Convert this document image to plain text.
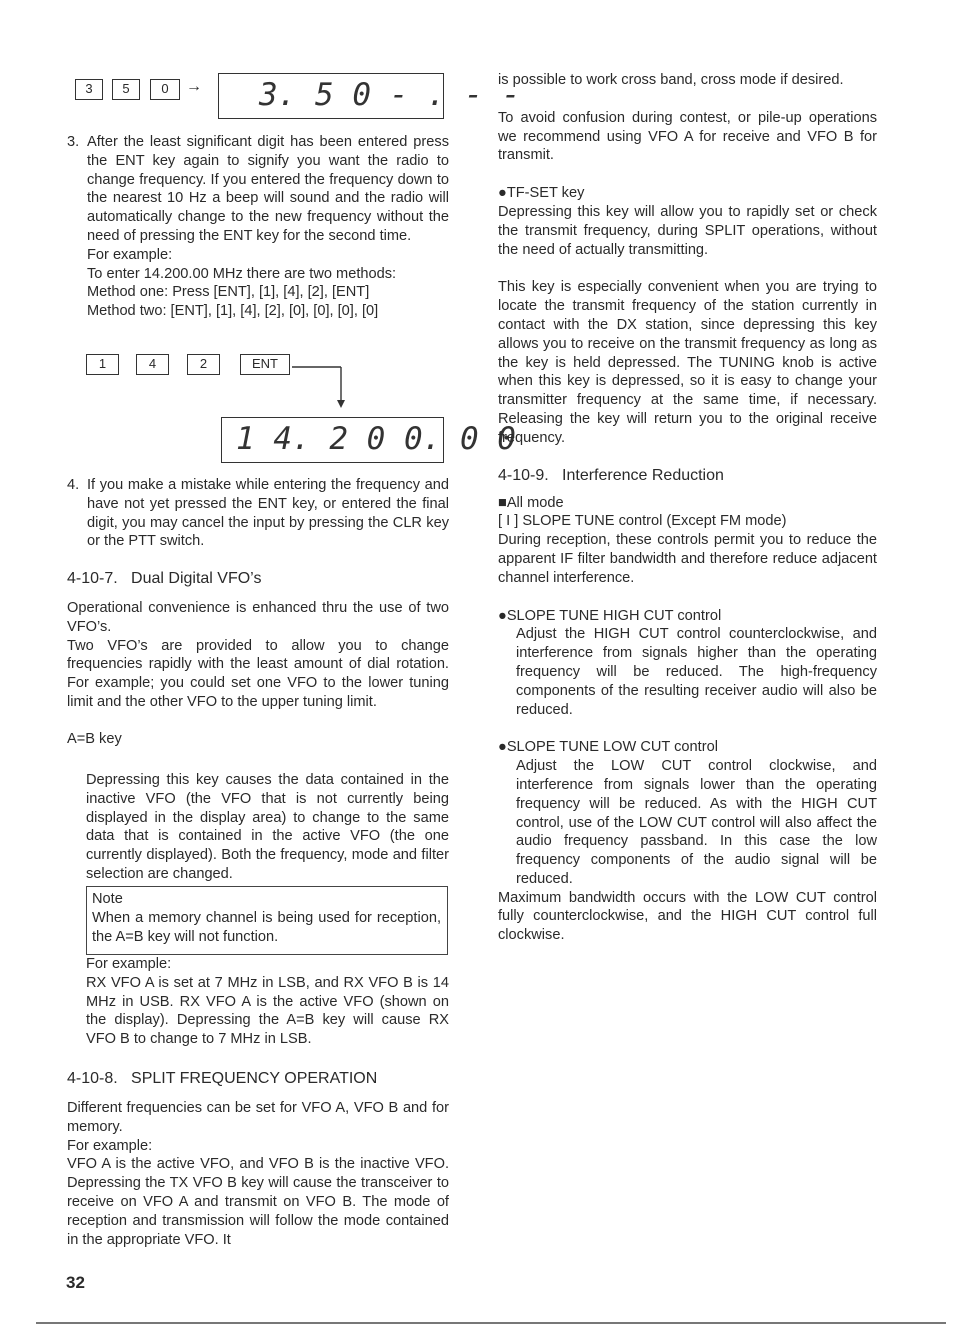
3	5	0	→	3. 5 0 - . - -
3. After the least significant digit has been entered press the ENT key again to signify you want the radio to change frequency. If you entered the frequency down to the nearest 10 Hz a beep will sound and the radio will automatically change to the new frequency without the need of pressing the ENT key for the second time.

For example:

To enter 14.200.00 MHz there are two methods:

Method one: Press [ENT], [1], [4], [2], [ENT]

Method two: [ENT], [1], [4], [2], [0], [0], [0], [0]

1	4	2	ENT
1 4. 2 0 0. 0 0
4. If you make a mistake while entering the frequency and have not yet pressed the ENT key, or entered the final digit, you may cancel the input by pressing the CLR key or the PTT switch.

4-10-7.   Dual Digital VFO’s

Operational convenience is enhanced thru the use of two VFO’s.

Two VFO’s are provided to allow you to change frequencies rapidly with the least amount of dial rotation. For example; you could set one VFO to the lower tuning limit and the other VFO to the upper tuning limit.

A=B key

Depressing this key causes the data contained in the inactive VFO (the VFO that is not currently being displayed in the display area) to change to the same data that is contained in the active VFO (the one currently displayed). Both the frequency, mode and filter selection are changed.

Note

When a memory channel is being used for reception, the A=B key will not function.

For example:

RX VFO A is set at 7 MHz in LSB, and RX VFO B is 14 MHz in USB. RX VFO A is the active VFO (shown on the display). Depressing the A=B key will cause RX VFO B to change to 7 MHz in LSB.

4-10-8.   SPLIT FREQUENCY OPERATION

Different frequencies can be set for VFO A, VFO B and for memory.

For example:

VFO A is the active VFO, and VFO B is the inactive VFO. Depressing the TX VFO B key will cause the transceiver to receive on VFO A and transmit on VFO B. The mode of reception and transmission will follow the mode contained in the appropriate VFO. It

32

is possible to work cross band, cross mode if desired.

To avoid confusion during contest, or pile-up operations we recommend using VFO A for receive and VFO B for transmit.

●TF-SET key

Depressing this key will allow you to rapidly set or check the transmit frequency, during SPLIT operations, without the need of actually transmitting.

This key is especially convenient when you are trying to locate the transmit frequency of the station currently in contact with the DX station, since depressing this key allows you to receive on the transmit frequency as long as the key is held depressed. The TUNING knob is active when this key is depressed, so it is easy to change your transmitter frequency at the same time, if necessary. Releasing the key will return you to the original receive frequency.

4-10-9.   Interference Reduction

■All mode

[ I ] SLOPE TUNE control (Except FM mode)

During reception, these controls permit you to reduce the apparent IF filter bandwidth and therefore reduce adjacent channel interference.

●SLOPE TUNE HIGH CUT control

Adjust the HIGH CUT control counterclockwise, and interference from signals higher than the operating frequency will be reduced. The high-frequency components of the resulting receiver audio will also be reduced.

●SLOPE TUNE LOW CUT control

Adjust the LOW CUT control clockwise, and interference from signals lower than the operating frequency will be reduced. As with the HIGH CUT control, use of the LOW CUT control will also affect the audio frequency passband. In this case the low frequency components of the audio signal will be reduced.

Maximum bandwidth occurs with the LOW CUT control fully counterclockwise, and the HIGH CUT control full clockwise.
